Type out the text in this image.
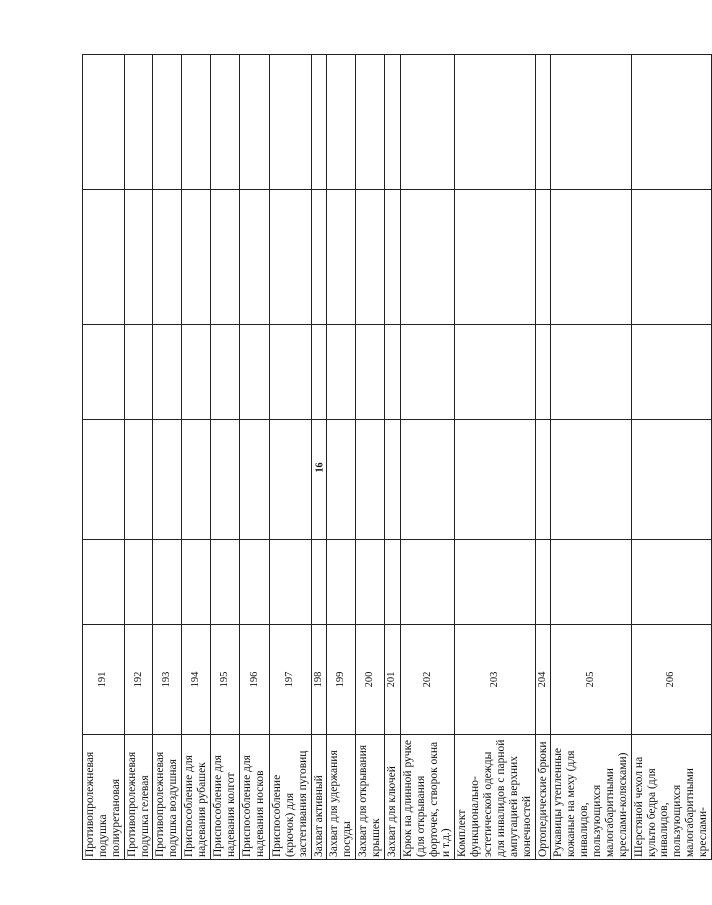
16
Противопролежневая подушка полиуретановая	191					
Противопролежневая подушка гелевая	192					
Противопролежневая подушка воздушная	193					
Приспособление для надевания рубашек	194					
Приспособление для надевания колгот	195					
Приспособление для надевания носков	196					
Приспособление (крючок) для застегивания пуговиц	197					
Захват активный	198					
Захват для удержания посуды	199					
Захват для открывания крышек	200					
Захват для ключей	201					
Крюк на длинной ручке (для открывания форточек, створок окна и т.д.)	202					
Комплект функционально-эстетической одежды для инвалидов с парной ампутацией верхних конечностей	203					
Ортопедические брюки	204					
Рукавицы утепленные кожаные на меху (для инвалидов, пользующихся малогабаритными креслами-колясками)	205					
Шерстяной чехол на культю бедра (для инвалидов, пользующихся малогабаритными креслами-	206					
